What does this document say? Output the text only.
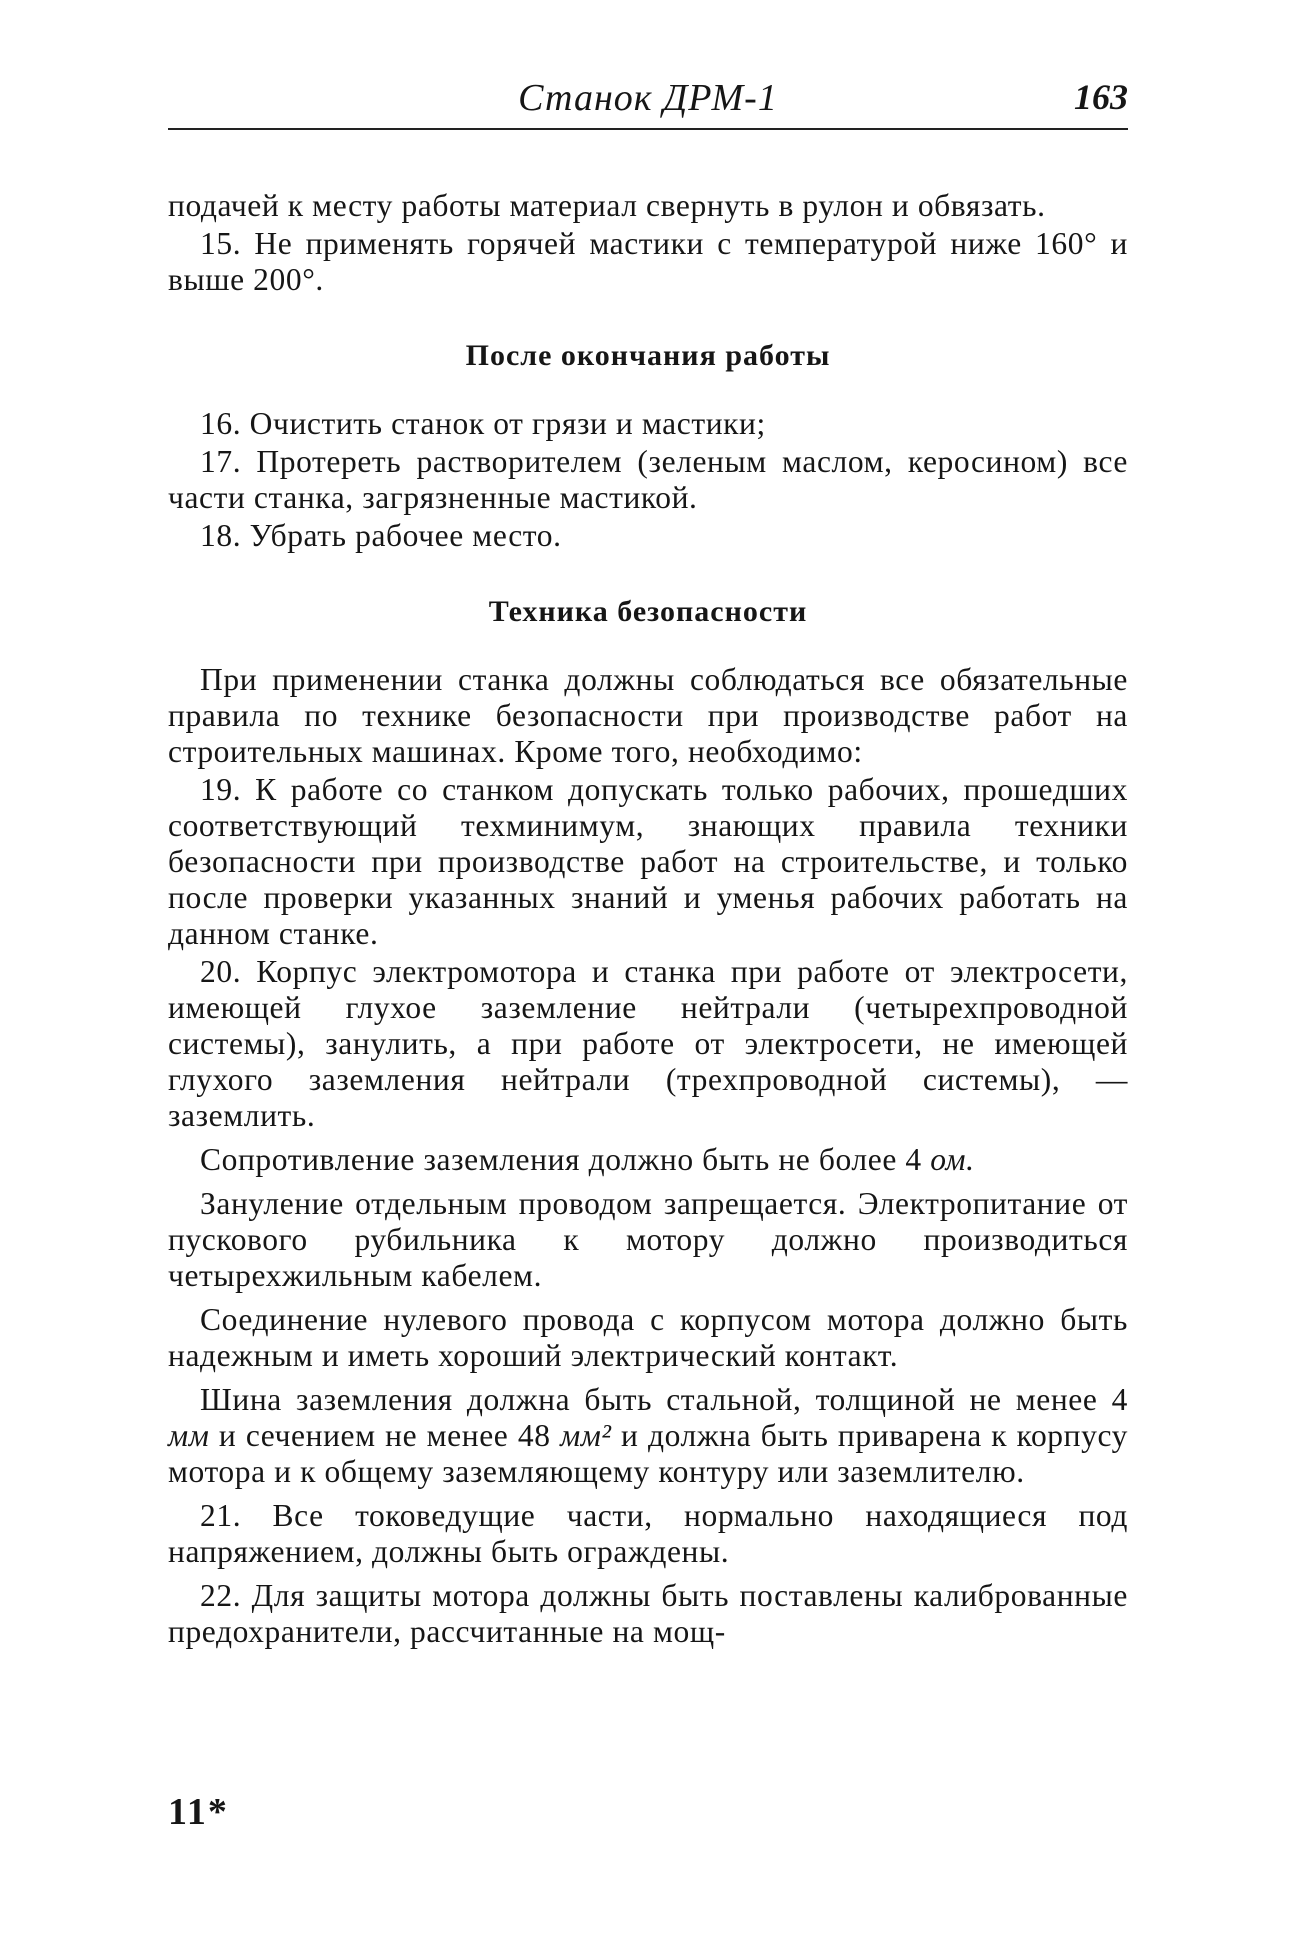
Станок ДРМ-1	163

подачей к месту работы материал свернуть в рулон и обвязать.

15. Не применять горячей мастики с температурой ниже 160° и выше 200°.

После окончания работы

16. Очистить станок от грязи и мастики;

17. Протереть растворителем (зеленым маслом, керосином) все части станка, загрязненные мастикой.

18. Убрать рабочее место.

Техника безопасности

При применении станка должны соблюдаться все обязательные правила по технике безопасности при производстве работ на строительных машинах. Кроме того, необходимо:

19. К работе со станком допускать только рабочих, прошедших соответствующий техминимум, знающих правила техники безопасности при производстве работ на строительстве, и только после проверки указанных знаний и уменья рабочих работать на данном станке.

20. Корпус электромотора и станка при работе от электросети, имеющей глухое заземление нейтрали (четырехпроводной системы), занулить, а при работе от электросети, не имеющей глухого заземления нейтрали (трехпроводной системы), — заземлить.

Сопротивление заземления должно быть не более 4 ом.

Зануление отдельным проводом запрещается. Электропитание от пускового рубильника к мотору должно производиться четырехжильным кабелем.

Соединение нулевого провода с корпусом мотора должно быть надежным и иметь хороший электрический контакт.

Шина заземления должна быть стальной, толщиной не менее 4 мм и сечением не менее 48 мм² и должна быть приварена к корпусу мотора и к общему заземляющему контуру или заземлителю.

21. Все токоведущие части, нормально находящиеся под напряжением, должны быть ограждены.

22. Для защиты мотора должны быть поставлены калиброванные предохранители, рассчитанные на мощ-

11*
